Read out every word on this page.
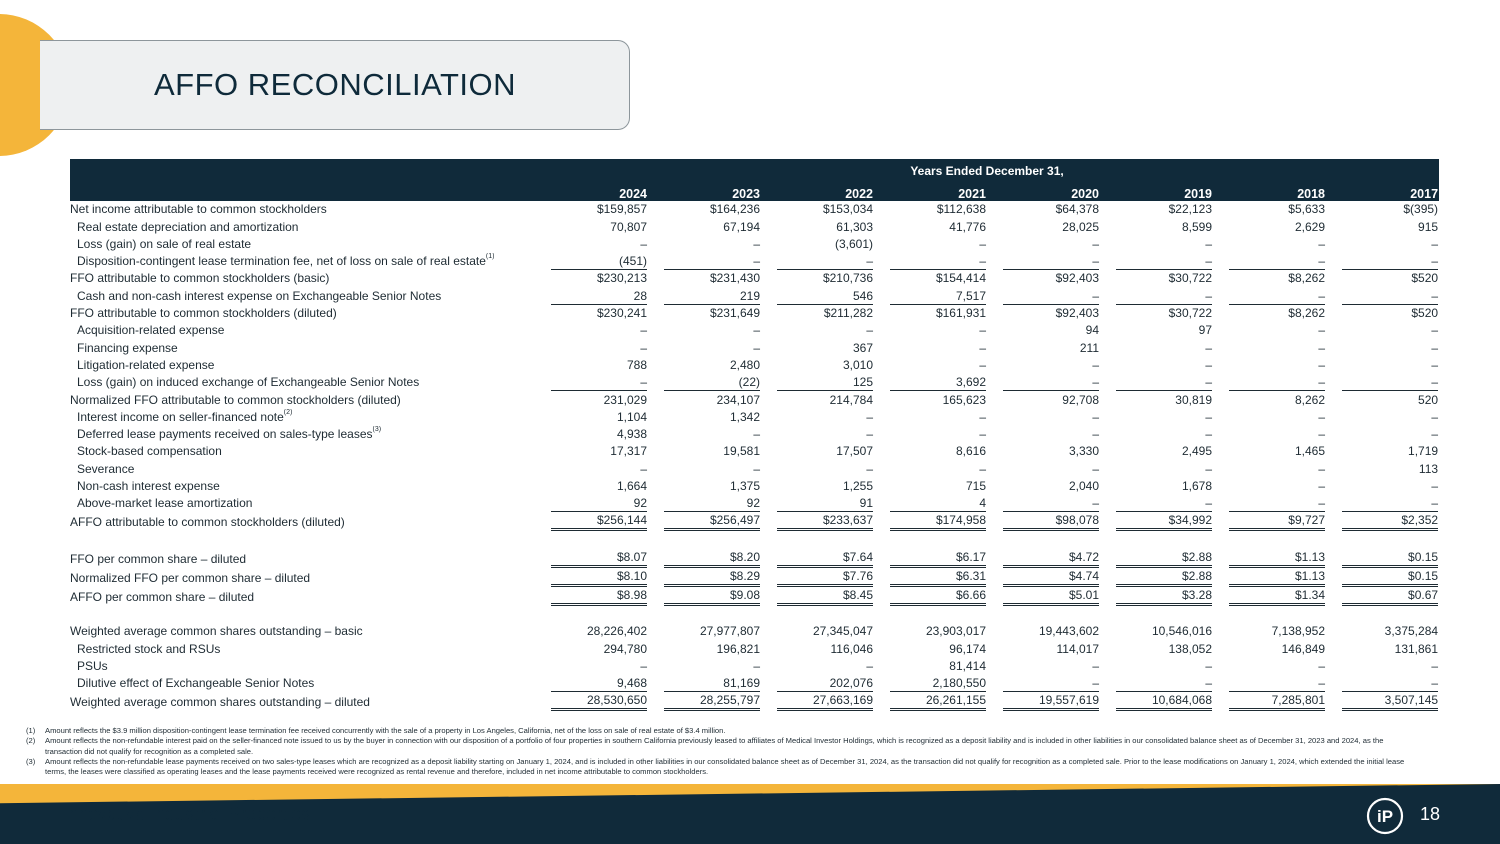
AFFO RECONCILIATION
	Years Ended December 31,							
	2024	2023	2022	2021	2020	2019	2018	2017
Net income attributable to common stockholders	$159,857	$164,236	$153,034	$112,638	$64,378	$22,123	$5,633	$(395)
Real estate depreciation and amortization	70,807	67,194	61,303	41,776	28,025	8,599	2,629	915
Loss (gain) on sale of real estate	–	–	(3,601)	–	–	–	–	–
Disposition-contingent lease termination fee, net of loss on sale of real estate$^{(1)}$	(451)	–	–	–	–	–	–	–
FFO attributable to common stockholders (basic)	$230,213	$231,430	$210,736	$154,414	$92,403	$30,722	$8,262	$520
Cash and non-cash interest expense on Exchangeable Senior Notes	28	219	546	7,517	–	–	–	–
FFO attributable to common stockholders (diluted)	$230,241	$231,649	$211,282	$161,931	$92,403	$30,722	$8,262	$520
Acquisition-related expense	–	–	–	–	94	97	–	–
Financing expense	–	–	367	–	211	–	–	–
Litigation-related expense	788	2,480	3,010	–	–	–	–	–
Loss (gain) on induced exchange of Exchangeable Senior Notes	–	(22)	125	3,692	–	–	–	–
Normalized FFO attributable to common stockholders (diluted)	231,029	234,107	214,784	165,623	92,708	30,819	8,262	520
Interest income on seller-financed note$^{(2)}$	1,104	1,342	–	–	–	–	–	–
Deferred lease payments received on sales-type leases$^{(3)}$	4,938	–	–	–	–	–	–	–
Stock-based compensation	17,317	19,581	17,507	8,616	3,330	2,495	1,465	1,719
Severance	–	–	–	–	–	–	–	113
Non-cash interest expense	1,664	1,375	1,255	715	2,040	1,678	–	–
Above-market lease amortization	92	92	91	4	–	–	–	–
AFFO attributable to common stockholders (diluted)	$256,144	$256,497	$233,637	$174,958	$98,078	$34,992	$9,727	$2,352

FFO per common share – diluted	$8.07	$8.20	$7.64	$6.17	$4.72	$2.88	$1.13	$0.15
Normalized FFO per common share – diluted	$8.10	$8.29	$7.76	$6.31	$4.74	$2.88	$1.13	$0.15
AFFO per common share – diluted	$8.98	$9.08	$8.45	$6.66	$5.01	$3.28	$1.34	$0.67

Weighted average common shares outstanding – basic	28,226,402	27,977,807	27,345,047	23,903,017	19,443,602	10,546,016	7,138,952	3,375,284
Restricted stock and RSUs	294,780	196,821	116,046	96,174	114,017	138,052	146,849	131,861
PSUs	–	–	–	81,414	–	–	–	–
Dilutive effect of Exchangeable Senior Notes	9,468	81,169	202,076	2,180,550	–	–	–	–
Weighted average common shares outstanding – diluted	28,530,650	28,255,797	27,663,169	26,261,155	19,557,619	10,684,068	7,285,801	3,507,145
(1)	Amount reflects the $3.9 million disposition-contingent lease termination fee received concurrently with the sale of a property in Los Angeles, California, net of the loss on sale of real estate of $3.4 million.
(2)	Amount reflects the non-refundable interest paid on the seller-financed note issued to us by the buyer in connection with our disposition of a portfolio of four properties in southern California previously leased to affiliates of Medical Investor Holdings, which is recognized as a deposit liability and is included in other liabilities in our consolidated balance sheet as of December 31, 2023 and 2024, as the transaction did not qualify for recognition as a completed sale.
(3)	Amount reflects the non-refundable lease payments received on two sales-type leases which are recognized as a deposit liability starting on January 1, 2024, and is included in other liabilities in our consolidated balance sheet as of December 31, 2024, as the transaction did not qualify for recognition as a completed sale. Prior to the lease modifications on January 1, 2024, which extended the initial lease terms, the leases were classified as operating leases and the lease payments received were recognized as rental revenue and therefore, included in net income attributable to common stockholders.
Innovative Industrial Properties	iP 18
